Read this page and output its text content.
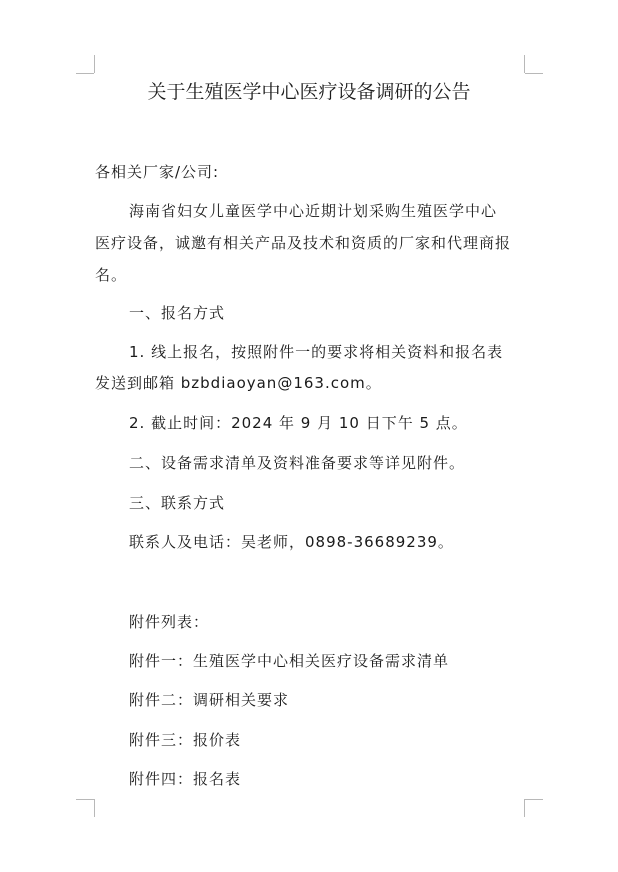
关于生殖医学中心医疗设备调研的公告
各相关厂家/公司:
海南省妇女儿童医学中心近期计划采购生殖医学中心
医疗设备，诚邀有相关产品及技术和资质的厂家和代理商报
名。
一、报名方式
1. 线上报名，按照附件一的要求将相关资料和报名表
发送到邮箱 bzbdiaoyan@163.com。
2. 截止时间：2024 年 9 月 10 日下午 5 点。
二、设备需求清单及资料准备要求等详见附件。
三、联系方式
联系人及电话：吴老师，0898-36689239。
附件列表：
附件一：生殖医学中心相关医疗设备需求清单
附件二：调研相关要求
附件三：报价表
附件四：报名表
